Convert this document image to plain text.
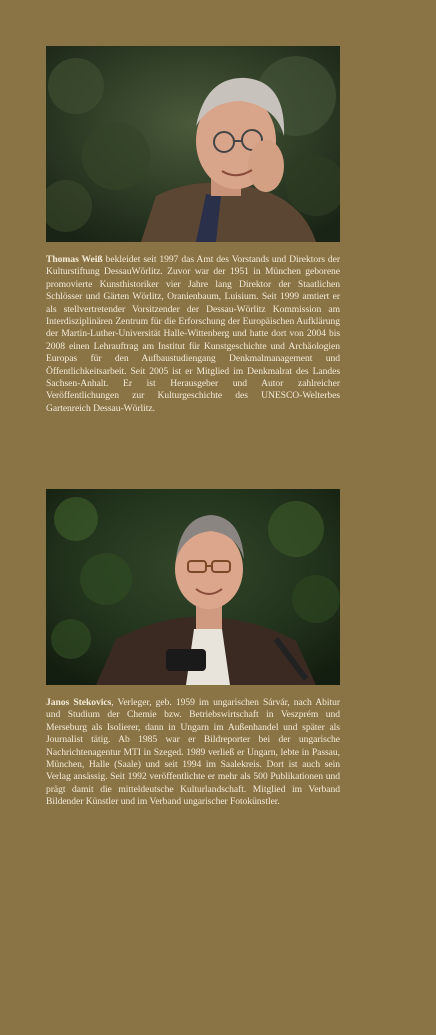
Thomas Weiß bekleidet seit 1997 das Amt des Vorstands und Direktors der Kulturstiftung DessauWörlitz. Zuvor war der 1951 in München geborene promovierte Kunsthistoriker vier Jahre lang Direktor der Staatlichen Schlösser und Gärten Wörlitz, Oranienbaum, Luisium. Seit 1999 amtiert er als stellvertretender Vorsitzender der Dessau-Wörlitz Kommission am Interdisziplinären Zentrum für die Erforschung der Europäischen Aufklärung der Martin-Luther-Universität Halle-Wittenberg und hatte dort von 2004 bis 2008 einen Lehrauftrag am Institut für Kunstgeschichte und Archäologien Europas für den Aufbaustudiengang Denkmalmanagement und Öffentlichkeitsarbeit. Seit 2005 ist er Mitglied im Denkmalrat des Landes Sachsen-Anhalt. Er ist Herausgeber und Autor zahlreicher Veröffentlichungen zur Kulturgeschichte des UNESCO-Welterbes Gartenreich Dessau-Wörlitz.

Janos Stekovics, Verleger, geb. 1959 im ungarischen Sárvár, nach Abitur und Studium der Chemie bzw. Betriebswirtschaft in Veszprém und Merseburg als Isolierer, dann in Ungarn im Außenhandel und später als Journalist tätig. Ab 1985 war er Bildreporter bei der ungarische Nachrichtenagentur MTI in Szeged. 1989 verließ er Ungarn, lebte in Passau, München, Halle (Saale) und seit 1994 im Saalekreis. Dort ist auch sein Verlag ansässig. Seit 1992 veröffentlichte er mehr als 500 Publikationen und prägt damit die mitteldeutsche Kulturlandschaft. Mitglied im Verband Bildender Künstler und im Verband ungarischer Fotokünstler.
